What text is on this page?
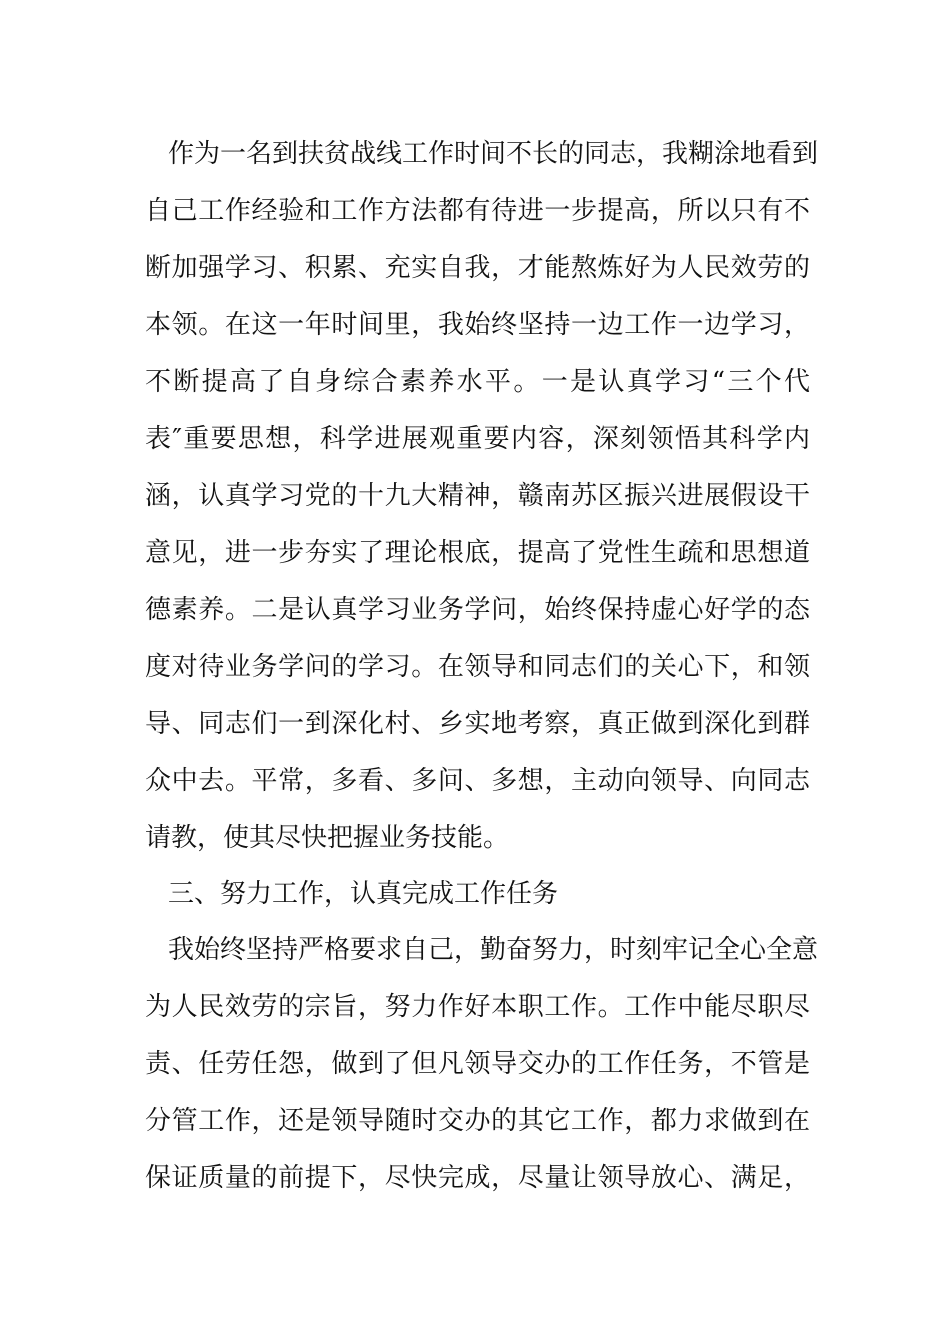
作为一名到扶贫战线工作时间不长的同志，我糊涂地看到
自己工作经验和工作方法都有待进一步提高，所以只有不
断加强学习、积累、充实自我，才能熬炼好为人民效劳的
本领。在这一年时间里，我始终坚持一边工作一边学习，
不断提高了自身综合素养水平。一是认真学习“三个代
表″重要思想，科学进展观重要内容，深刻领悟其科学内
涵，认真学习党的十九大精神，赣南苏区振兴进展假设干
意见，进一步夯实了理论根底，提高了党性生疏和思想道
德素养。二是认真学习业务学问，始终保持虚心好学的态
度对待业务学问的学习。在领导和同志们的关心下，和领
导、同志们一到深化村、乡实地考察，真正做到深化到群
众中去。平常，多看、多问、多想，主动向领导、向同志
请教，使其尽快把握业务技能。
三、努力工作，认真完成工作任务
我始终坚持严格要求自己，勤奋努力，时刻牢记全心全意
为人民效劳的宗旨，努力作好本职工作。工作中能尽职尽
责、任劳任怨，做到了但凡领导交办的工作任务，不管是
分管工作，还是领导随时交办的其它工作，都力求做到在
保证质量的前提下，尽快完成，尽量让领导放心、满足，
